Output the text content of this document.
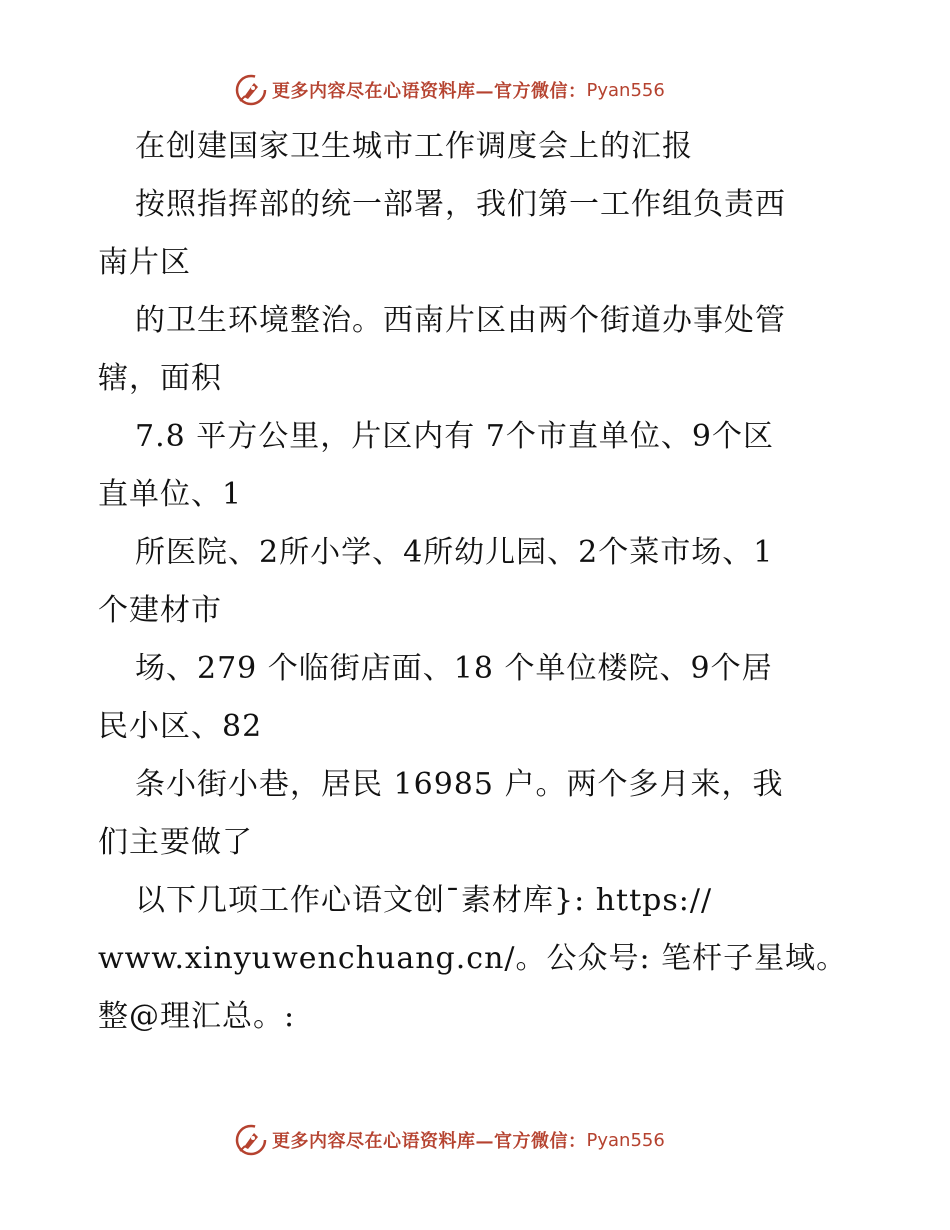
更多内容尽在心语资料库—官方微信： Pyan556
在创建国家卫生城市工作调度会上的汇报
按照指挥部的统一部署，我们第一工作组负责西
南片区
的卫生环境整治。西南片区由两个街道办事处管
辖，面积
7.8 平方公里，片区内有 7个市直单位、9个区
直单位、1
所医院、2所小学、4所幼儿园、2个菜市场、1
个建材市
场、279 个临街店面、18 个单位楼院、9个居
民小区、82
条小街小巷，居民 16985 户。两个多月来，我
们主要做了
以下几项工作心语文创¯素材库}: https://
www.xinyuwenchuang.cn/。公众号: 笔杆子星域。
整@理汇总。:
更多内容尽在心语资料库—官方微信： Pyan556
